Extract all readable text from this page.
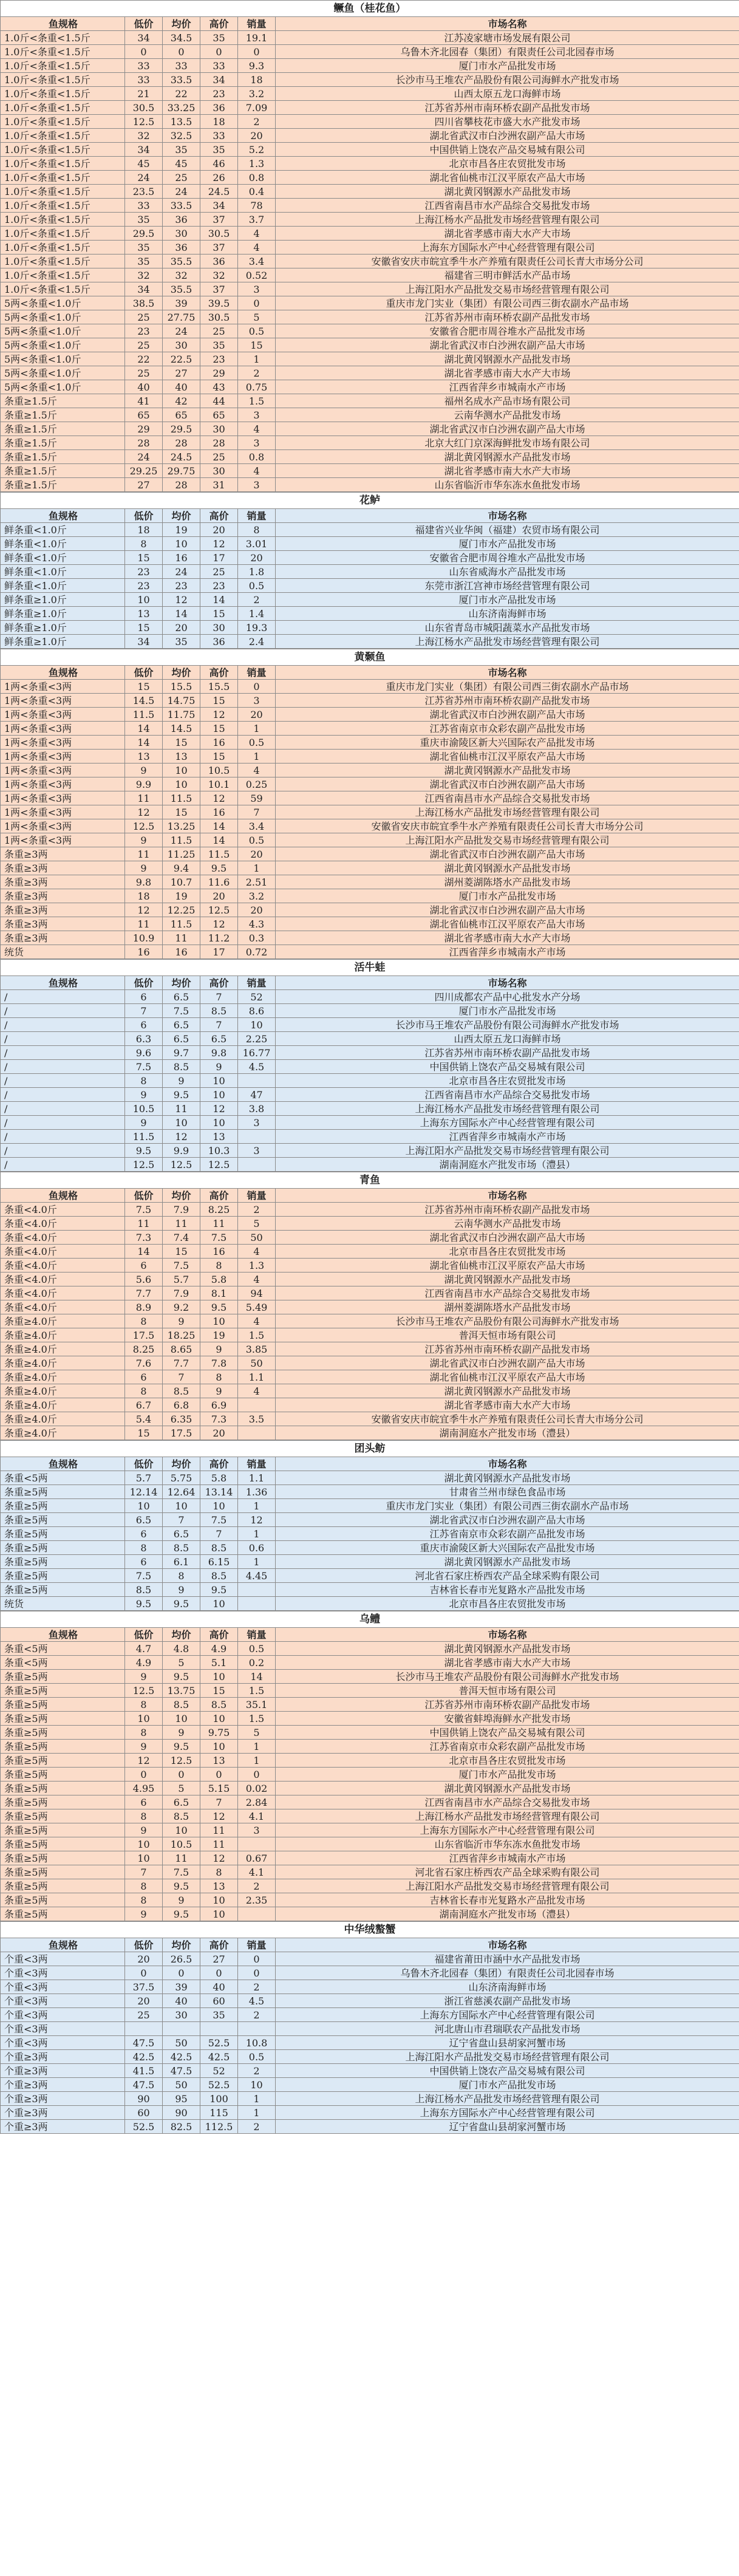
鳜鱼（桂花鱼）					
鱼规格	低价	均价	高价	销量	市场名称
1.0斤<条重<1.5斤	34	34.5	35	19.1	江苏凌家塘市场发展有限公司
1.0斤<条重<1.5斤	0	0	0	0	乌鲁木齐北园春（集团）有限责任公司北园春市场
1.0斤<条重<1.5斤	33	33	33	9.3	厦门市水产品批发市场
1.0斤<条重<1.5斤	33	33.5	34	18	长沙市马王堆农产品股份有限公司海鲜水产批发市场
1.0斤<条重<1.5斤	21	22	23	3.2	山西太原五龙口海鲜市场
1.0斤<条重<1.5斤	30.5	33.25	36	7.09	江苏省苏州市南环桥农副产品批发市场
1.0斤<条重<1.5斤	12.5	13.5	18	2	四川省攀枝花市盛大水产批发市场
1.0斤<条重<1.5斤	32	32.5	33	20	湖北省武汉市白沙洲农副产品大市场
1.0斤<条重<1.5斤	34	35	35	5.2	中国供销上饶农产品交易城有限公司
1.0斤<条重<1.5斤	45	45	46	1.3	北京市昌各庄农贸批发市场
1.0斤<条重<1.5斤	24	25	26	0.8	湖北省仙桃市江汉平原农产品大市场
1.0斤<条重<1.5斤	23.5	24	24.5	0.4	湖北黄冈钢源水产品批发市场
1.0斤<条重<1.5斤	33	33.5	34	78	江西省南昌市水产品综合交易批发市场
1.0斤<条重<1.5斤	35	36	37	3.7	上海江杨水产品批发市场经营管理有限公司
1.0斤<条重<1.5斤	29.5	30	30.5	4	湖北省孝感市南大水产大市场
1.0斤<条重<1.5斤	35	36	37	4	上海东方国际水产中心经营管理有限公司
1.0斤<条重<1.5斤	35	35.5	36	3.4	安徽省安庆市皖宜季牛水产养殖有限责任公司长青大市场分公司
1.0斤<条重<1.5斤	32	32	32	0.52	福建省三明市鲜活水产品市场
1.0斤<条重<1.5斤	34	35.5	37	3	上海江阳水产品批发交易市场经营管理有限公司
5两<条重<1.0斤	38.5	39	39.5	0	重庆市龙门实业（集团）有限公司西三街农副水产品市场
5两<条重<1.0斤	25	27.75	30.5	5	江苏省苏州市南环桥农副产品批发市场
5两<条重<1.0斤	23	24	25	0.5	安徽省合肥市周谷堆水产品批发市场
5两<条重<1.0斤	25	30	35	15	湖北省武汉市白沙洲农副产品大市场
5两<条重<1.0斤	22	22.5	23	1	湖北黄冈钢源水产品批发市场
5两<条重<1.0斤	25	27	29	2	湖北省孝感市南大水产大市场
5两<条重<1.0斤	40	40	43	0.75	江西省萍乡市城南水产市场
条重≥1.5斤	41	42	44	1.5	福州名成水产品市场有限公司
条重≥1.5斤	65	65	65	3	云南华测水产品批发市场
条重≥1.5斤	29	29.5	30	4	湖北省武汉市白沙洲农副产品大市场
条重≥1.5斤	28	28	28	3	北京大红门京深海鲜批发市场有限公司
条重≥1.5斤	24	24.5	25	0.8	湖北黄冈钢源水产品批发市场
条重≥1.5斤	29.25	29.75	30	4	湖北省孝感市南大水产大市场
条重≥1.5斤	27	28	31	3	山东省临沂市华东冻水鱼批发市场
花鲈					
鱼规格	低价	均价	高价	销量	市场名称
鲜条重<1.0斤	18	19	20	8	福建省兴业华闽（福建）农贸市场有限公司
鲜条重<1.0斤	8	10	12	3.01	厦门市水产品批发市场
鲜条重<1.0斤	15	16	17	20	安徽省合肥市周谷堆水产品批发市场
鲜条重<1.0斤	23	24	25	1.8	山东省威海水产品批发市场
鲜条重<1.0斤	23	23	23	0.5	东莞市浙江宫神市场经营管理有限公司
鲜条重≥1.0斤	10	12	14	2	厦门市水产品批发市场
鲜条重≥1.0斤	13	14	15	1.4	山东济南海鲜市场
鲜条重≥1.0斤	15	20	30	19.3	山东省青岛市城阳蔬菜水产品批发市场
鲜条重≥1.0斤	34	35	36	2.4	上海江杨水产品批发市场经营管理有限公司
黄颡鱼					
鱼规格	低价	均价	高价	销量	市场名称
1两<条重<3两	15	15.5	15.5	0	重庆市龙门实业（集团）有限公司西三街农副水产品市场
1两<条重<3两	14.5	14.75	15	3	江苏省苏州市南环桥农副产品批发市场
1两<条重<3两	11.5	11.75	12	20	湖北省武汉市白沙洲农副产品大市场
1两<条重<3两	14	14.5	15	1	江苏省南京市众彩农副产品批发市场
1两<条重<3两	14	15	16	0.5	重庆市渝陵区新大兴国际农产品批发市场
1两<条重<3两	13	13	15	1	湖北省仙桃市江汉平原农产品大市场
1两<条重<3两	9	10	10.5	4	湖北黄冈钢源水产品批发市场
1两<条重<3两	9.9	10	10.1	0.25	湖北省武汉市白沙洲农副产品大市场
1两<条重<3两	11	11.5	12	59	江西省南昌市水产品综合交易批发市场
1两<条重<3两	12	15	16	7	上海江杨水产品批发市场经营管理有限公司
1两<条重<3两	12.5	13.25	14	3.4	安徽省安庆市皖宜季牛水产养殖有限责任公司长青大市场分公司
1两<条重<3两	9	11.5	14	0.5	上海江阳水产品批发交易市场经营管理有限公司
条重≥3两	11	11.25	11.5	20	湖北省武汉市白沙洲农副产品大市场
条重≥3两	9	9.4	9.5	1	湖北黄冈钢源水产品批发市场
条重≥3两	9.8	10.7	11.6	2.51	湖州菱湖陈塔水产品批发市场
条重≥3两	18	19	20	3.2	厦门市水产品批发市场
条重≥3两	12	12.25	12.5	20	湖北省武汉市白沙洲农副产品大市场
条重≥3两	11	11.5	12	4.3	湖北省仙桃市江汉平原农产品大市场
条重≥3两	10.9	11	11.2	0.3	湖北省孝感市南大水产大市场
统货	16	16	17	0.72	江西省萍乡市城南水产市场
活牛蛙					
鱼规格	低价	均价	高价	销量	市场名称
/	6	6.5	7	52	四川成都农产品中心批发水产分场
/	7	7.5	8.5	8.6	厦门市水产品批发市场
/	6	6.5	7	10	长沙市马王堆农产品股份有限公司海鲜水产批发市场
/	6.3	6.5	6.5	2.25	山西太原五龙口海鲜市场
/	9.6	9.7	9.8	16.77	江苏省苏州市南环桥农副产品批发市场
/	7.5	8.5	9	4.5	中国供销上饶农产品交易城有限公司
/	8	9	10		北京市昌各庄农贸批发市场
/	9	9.5	10	47	江西省南昌市水产品综合交易批发市场
/	10.5	11	12	3.8	上海江杨水产品批发市场经营管理有限公司
/	9	10	10	3	上海东方国际水产中心经营管理有限公司
/	11.5	12	13		江西省萍乡市城南水产市场
/	9.5	9.9	10.3	3	上海江阳水产品批发交易市场经营管理有限公司
/	12.5	12.5	12.5		湖南洞庭水产批发市场（澧县）
青鱼					
鱼规格	低价	均价	高价	销量	市场名称
条重<4.0斤	7.5	7.9	8.25	2	江苏省苏州市南环桥农副产品批发市场
条重<4.0斤	11	11	11	5	云南华测水产品批发市场
条重<4.0斤	7.3	7.4	7.5	50	湖北省武汉市白沙洲农副产品大市场
条重<4.0斤	14	15	16	4	北京市昌各庄农贸批发市场
条重<4.0斤	6	7.5	8	1.3	湖北省仙桃市江汉平原农产品大市场
条重<4.0斤	5.6	5.7	5.8	4	湖北黄冈钢源水产品批发市场
条重<4.0斤	7.7	7.9	8.1	94	江西省南昌市水产品综合交易批发市场
条重<4.0斤	8.9	9.2	9.5	5.49	湖州菱湖陈塔水产品批发市场
条重≥4.0斤	8	9	10	4	长沙市马王堆农产品股份有限公司海鲜水产批发市场
条重≥4.0斤	17.5	18.25	19	1.5	普洱天恒市场有限公司
条重≥4.0斤	8.25	8.65	9	3.85	江苏省苏州市南环桥农副产品批发市场
条重≥4.0斤	7.6	7.7	7.8	50	湖北省武汉市白沙洲农副产品大市场
条重≥4.0斤	6	7	8	1.1	湖北省仙桃市江汉平原农产品大市场
条重≥4.0斤	8	8.5	9	4	湖北黄冈钢源水产品批发市场
条重≥4.0斤	6.7	6.8	6.9		湖北省孝感市南大水产大市场
条重≥4.0斤	5.4	6.35	7.3	3.5	安徽省安庆市皖宜季牛水产养殖有限责任公司长青大市场分公司
条重≥4.0斤	15	17.5	20		湖南洞庭水产批发市场（澧县）
团头鲂					
鱼规格	低价	均价	高价	销量	市场名称
条重<5两	5.7	5.75	5.8	1.1	湖北黄冈钢源水产品批发市场
条重≥5两	12.14	12.64	13.14	1.36	甘肃省兰州市绿色食品市场
条重≥5两	10	10	10	1	重庆市龙门实业（集团）有限公司西三街农副水产品市场
条重≥5两	6.5	7	7.5	12	湖北省武汉市白沙洲农副产品大市场
条重≥5两	6	6.5	7	1	江苏省南京市众彩农副产品批发市场
条重≥5两	8	8.5	8.5	0.6	重庆市渝陵区新大兴国际农产品批发市场
条重≥5两	6	6.1	6.15	1	湖北黄冈钢源水产品批发市场
条重≥5两	7.5	8	8.5	4.45	河北省石家庄桥西农产品全球采购有限公司
条重≥5两	8.5	9	9.5		吉林省长春市光复路水产品批发市场
统货	9.5	9.5	10		北京市昌各庄农贸批发市场
乌鳢					
鱼规格	低价	均价	高价	销量	市场名称
条重<5两	4.7	4.8	4.9	0.5	湖北黄冈钢源水产品批发市场
条重<5两	4.9	5	5.1	0.2	湖北省孝感市南大水产大市场
条重≥5两	9	9.5	10	14	长沙市马王堆农产品股份有限公司海鲜水产批发市场
条重≥5两	12.5	13.75	15	1.5	普洱天恒市场有限公司
条重≥5两	8	8.5	8.5	35.1	江苏省苏州市南环桥农副产品批发市场
条重≥5两	10	10	10	1.5	安徽省蚌埠海鲜水产批发市场
条重≥5两	8	9	9.75	5	中国供销上饶农产品交易城有限公司
条重≥5两	9	9.5	10	1	江苏省南京市众彩农副产品批发市场
条重≥5两	12	12.5	13	1	北京市昌各庄农贸批发市场
条重≥5两	0	0	0	0	厦门市水产品批发市场
条重≥5两	4.95	5	5.15	0.02	湖北黄冈钢源水产品批发市场
条重≥5两	6	6.5	7	2.84	江西省南昌市水产品综合交易批发市场
条重≥5两	8	8.5	12	4.1	上海江杨水产品批发市场经营管理有限公司
条重≥5两	9	10	11	3	上海东方国际水产中心经营管理有限公司
条重≥5两	10	10.5	11		山东省临沂市华东冻水鱼批发市场
条重≥5两	10	11	12	0.67	江西省萍乡市城南水产市场
条重≥5两	7	7.5	8	4.1	河北省石家庄桥西农产品全球采购有限公司
条重≥5两	8	9.5	13	2	上海江阳水产品批发交易市场经营管理有限公司
条重≥5两	8	9	10	2.35	吉林省长春市光复路水产品批发市场
条重≥5两	9	9.5	10		湖南洞庭水产批发市场（澧县）
中华绒螯蟹					
鱼规格	低价	均价	高价	销量	市场名称
个重<3两	20	26.5	27	0	福建省莆田市涵中水产品批发市场
个重<3两	0	0	0	0	乌鲁木齐北园春（集团）有限责任公司北园春市场
个重<3两	37.5	39	40	2	山东济南海鲜市场
个重<3两	20	40	60	4.5	浙江省慈溪农副产品批发市场
个重<3两	25	30	35	2	上海东方国际水产中心经营管理有限公司
个重<3两					河北唐山市君瑞联农产品批发市场
个重<3两	47.5	50	52.5	10.8	辽宁省盘山县胡家河蟹市场
个重≥3两	42.5	42.5	42.5	0.5	上海江阳水产品批发交易市场经营管理有限公司
个重≥3两	41.5	47.5	52	2	中国供销上饶农产品交易城有限公司
个重≥3两	47.5	50	52.5	10	厦门市水产品批发市场
个重≥3两	90	95	100	1	上海江杨水产品批发市场经营管理有限公司
个重≥3两	60	90	115	1	上海东方国际水产中心经营管理有限公司
个重≥3两	52.5	82.5	112.5	2	辽宁省盘山县胡家河蟹市场
